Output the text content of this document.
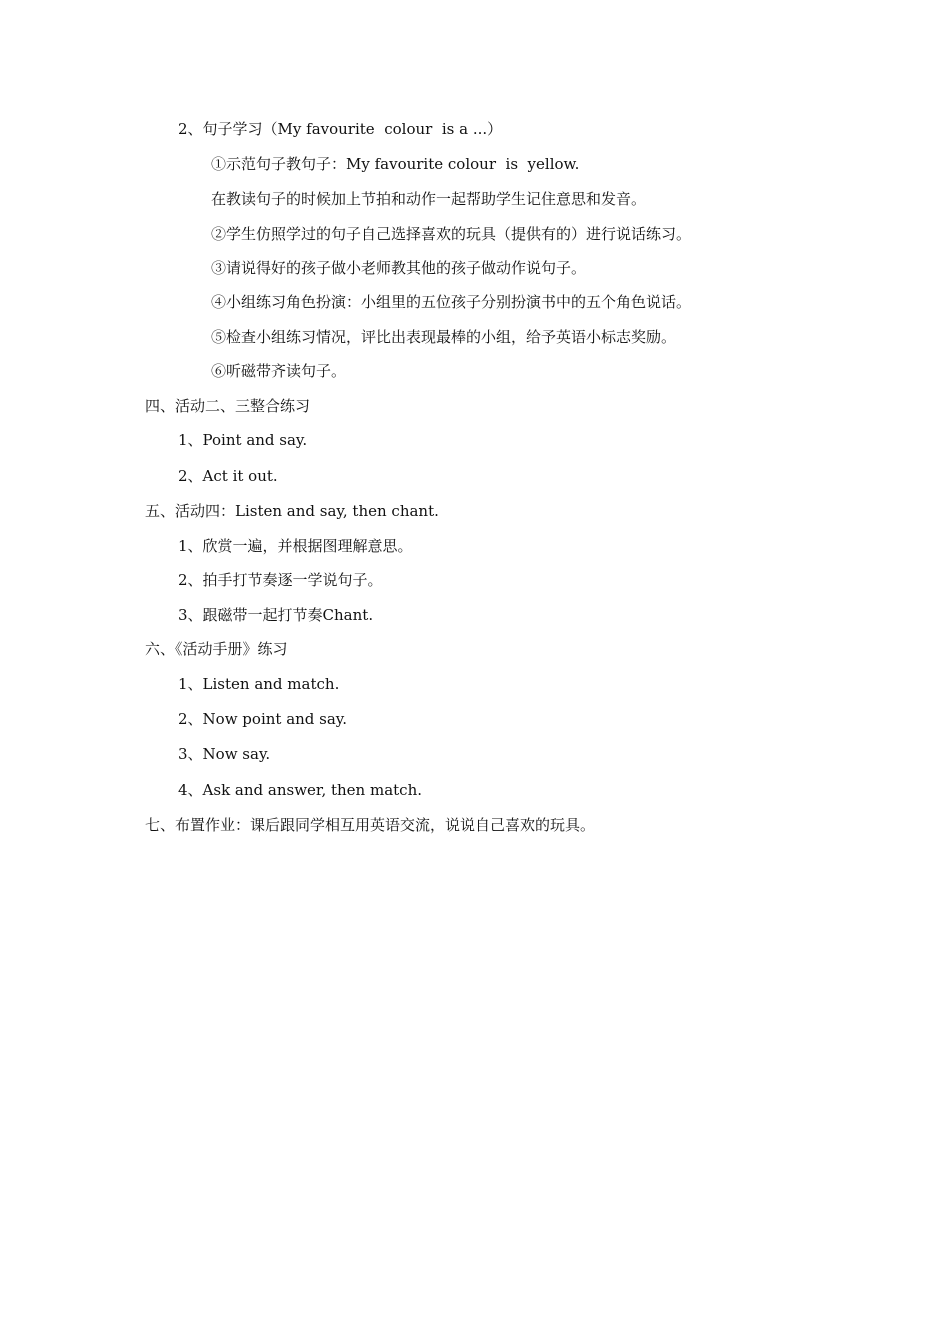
2、句子学习（My favourite  colour  is a ...）
①示范句子教句子：My favourite colour  is  yellow.
在教读句子的时候加上节拍和动作一起帮助学生记住意思和发音。
②学生仿照学过的句子自己选择喜欢的玩具（提供有的）进行说话练习。
③请说得好的孩子做小老师教其他的孩子做动作说句子。
④小组练习角色扮演：小组里的五位孩子分别扮演书中的五个角色说话。
⑤检查小组练习情况，评比出表现最棒的小组，给予英语小标志奖励。
⑥听磁带齐读句子。
四、活动二、三整合练习
1、Point and say.
2、Act it out.
五、活动四：Listen and say, then chant.
1、欣赏一遍，并根据图理解意思。
2、拍手打节奏逐一学说句子。
3、跟磁带一起打节奏Chant.
六、《活动手册》练习
1、Listen and match.
2、Now point and say.
3、Now say.
4、Ask and answer, then match.
七、布置作业：课后跟同学相互用英语交流，说说自己喜欢的玩具。
